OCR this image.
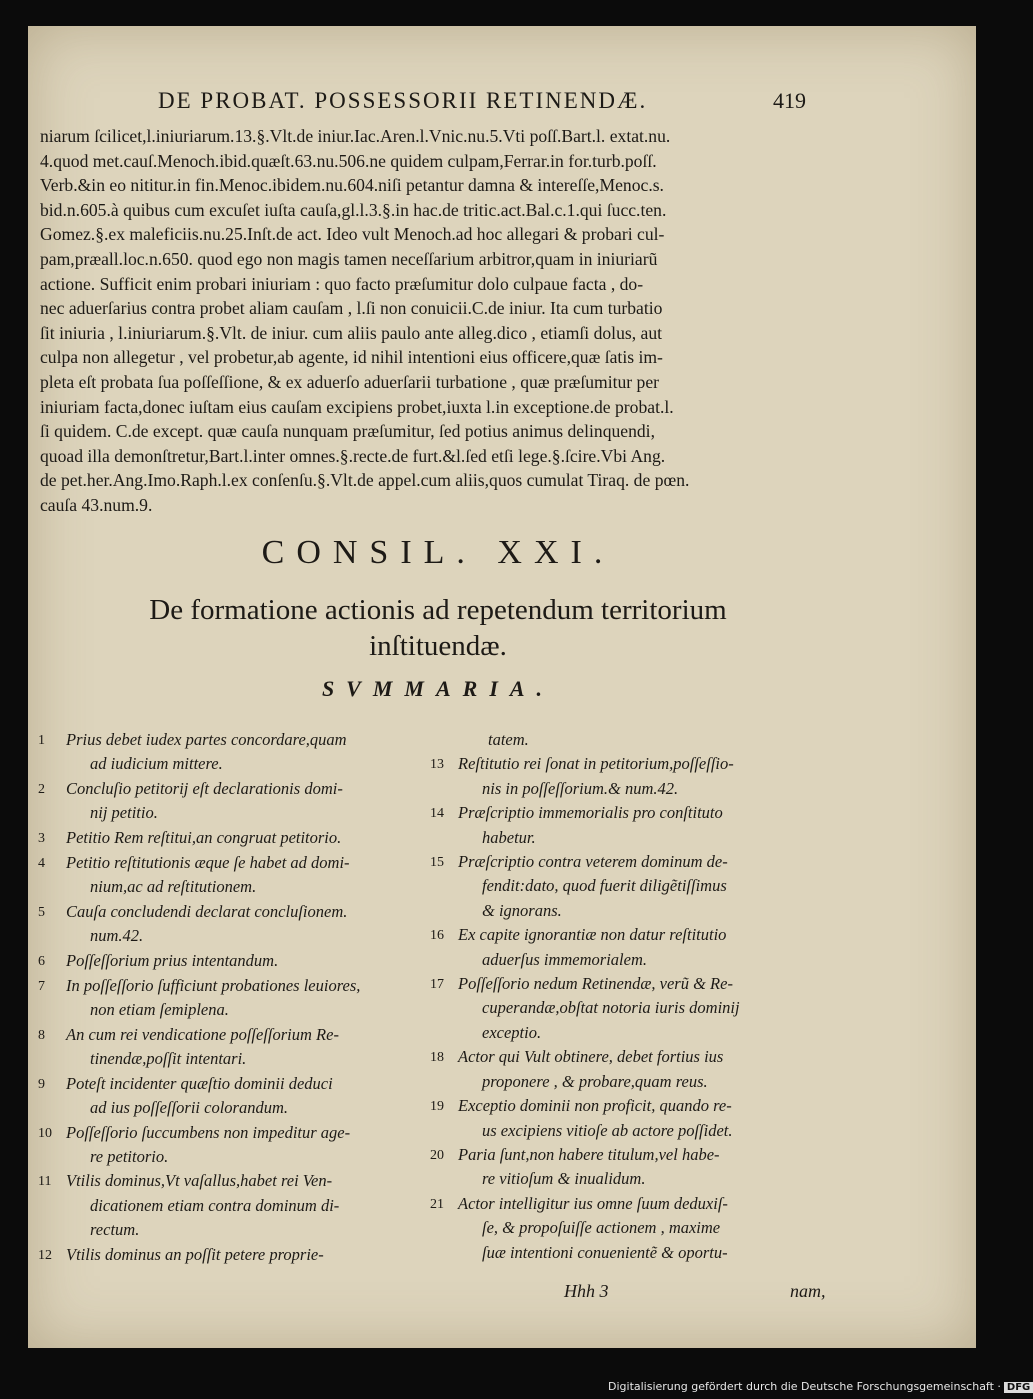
DE PROBAT. POSSESSORII RETINENDÆ.	419
niarum ſcilicet,l.iniuriarum.13.§.Vlt.de iniur.Iac.Aren.l.Vnic.nu.5.Vti poſſ.Bart.l. extat.nu.
4.quod met.cauſ.Menoch.ibid.quæſt.63.nu.506.ne quidem culpam,Ferrar.in for.turb.poſſ.
Verb.&in eo nititur.in fin.Menoc.ibidem.nu.604.niſi petantur damna & intereſſe,Menoc.s.
bid.n.605.à quibus cum excuſet iuſta cauſa,gl.l.3.§.in hac.de tritic.act.Bal.c.1.qui ſucc.ten.
Gomez.§.ex maleficiis.nu.25.Inſt.de act. Ideo vult Menoch.ad hoc allegari & probari cul-
pam,præall.loc.n.650. quod ego non magis tamen neceſſarium arbitror,quam in iniuriarũ
actione. Sufficit enim probari iniuriam : quo facto præſumitur dolo culpaue facta , do-
nec aduerſarius contra probet aliam cauſam , l.ſi non conuicii.C.de iniur. Ita cum turbatio
ſit iniuria , l.iniuriarum.§.Vlt. de iniur. cum aliis paulo ante alleg.dico , etiamſi dolus, aut
culpa non allegetur , vel probetur,ab agente, id nihil intentioni eius officere,quæ ſatis im-
pleta eſt probata ſua poſſeſſione, & ex aduerſo aduerſarii turbatione , quæ præſumitur per
iniuriam facta,donec iuſtam eius cauſam excipiens probet,iuxta l.in exceptione.de probat.l.
ſi quidem. C.de except. quæ cauſa nunquam præſumitur, ſed potius animus delinquendi,
quoad illa demonſtretur,Bart.l.inter omnes.§.recte.de furt.&l.ſed etſi lege.§.ſcire.Vbi Ang.
de pet.her.Ang.Imo.Raph.l.ex conſenſu.§.Vlt.de appel.cum aliis,quos cumulat Tiraq. de pœn.
cauſa 43.num.9.
CONSIL. XXI.
De formatione actionis ad repetendum territorium
inſtituendæ.
SVMMARIA.
1	Prius debet iudex partes concordare,quam
ad iudicium mittere.
2	Concluſio petitorij eſt declarationis domi-
nij petitio.
3	Petitio Rem reſtitui,an congruat petitorio.
4	Petitio reſtitutionis æque ſe habet ad domi-
nium,ac ad reſtitutionem.
5	Cauſa concludendi declarat concluſionem.
num.42.
6	Poſſeſſorium prius intentandum.
7	In poſſeſſorio ſufficiunt probationes leuiores,
non etiam ſemiplena.
8	An cum rei vendicatione poſſeſſorium Re-
tinendæ,poſſit intentari.
9	Poteſt incidenter quæſtio dominii deduci
ad ius poſſeſſorii colorandum.
10 Poſſeſſorio ſuccumbens non impeditur age-
re petitorio.
11 Vtilis dominus,Vt vaſallus,habet rei Ven-
dicationem etiam contra dominum di-
rectum.
12 Vtilis dominus an poſſit petere proprie-
tatem.
13 Reſtitutio rei ſonat in petitorium,poſſeſſio-
nis in poſſeſſorium.& num.42.
14 Præſcriptio immemorialis pro conſtituto
habetur.
15 Præſcriptio contra veterem dominum de-
fendit:dato, quod fuerit diligẽtiſſimus
& ignorans.
16 Ex capite ignorantiæ non datur reſtitutio
aduerſus immemorialem.
17 Poſſeſſorio nedum Retinendæ, verũ & Re-
cuperandæ,obſtat notoria iuris dominij
exceptio.
18 Actor qui Vult obtinere, debet fortius ius
proponere , & probare,quam reus.
19 Exceptio dominii non proficit, quando re-
us excipiens vitioſe ab actore poſſidet.
20 Paria ſunt,non habere titulum,vel habe-
re vitioſum & inualidum.
21 Actor intelligitur ius omne ſuum deduxiſ-
ſe, & propoſuiſſe actionem , maxime
ſuæ intentioni conuenientẽ & oportu-
Hhh 3	nam,
Digitalisierung gefördert durch die Deutsche Forschungsgemeinschaft · DFG
